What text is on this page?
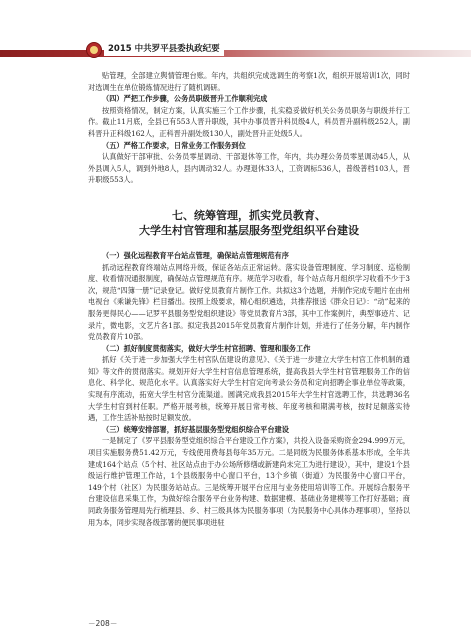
2015 中共罗平县委执政纪要

贴管理，全部建立舆情管理台账。年内，共组织完成选调生的考察1次，组织开展培训1次，同时对选调生在单位锻炼情况进行了随机调研。

（四）严把工作步骤，公务员职级晋升工作顺利完成

按照资格情况，制定方案，认真实施三个工作步骤，扎实稳妥做好机关公务员职务与职级并行工作。截止11月底，全县已有553人晋升职级，其中办事员晋升科员级4人，科员晋升副科级252人，副科晋升正科级162人，正科晋升副处级130人，副处晋升正处级5人。

（五）严格工作要求，日常业务工作服务到位

认真做好干部审批、公务员零星调动、干部退休等工作，年内，共办理公务员零星调动45人，从外县调入5人，调到外地8人，县内调动32人。办理退休33人，工资调标536人，普级普档103人，晋升职级553人。

七、统筹管理，抓实党员教育、
大学生村官管理和基层服务型党组织平台建设
（一）强化远程教育平台站点管理，确保站点管理规范有序

抓动远程教育终端站点网络升级，保证各站点正常运转。落实设备管理制度、学习制度、巡检制度、收看情况通报制度，确保站点管理规范有序。规范学习收看，每个站点每月组织学习收看不少于3次，规范“四簿一册”记录登记。做好党员教育片制作工作。共拟这3个选题，并制作完成专题片在由州电视台《乘谦先锋》栏目播出。按照上级要求，精心组织遴选，共推荐报送《胖众日记》：“动”起来的服务更得民心——记罗平县服务型党组织建设》等党员教育片3部，其中工作案例片，典型事迹片、记录片，微电影，文艺片各1部。拟定我县2015年党员教育片制作计划，并进行了任务分解，年内制作党员教育片10部。

（二）抓好制度贯彻落实，做好大学生村官招聘、管理和服务工作

抓好《关于进一步加强大学生村官队伍建设的意见》、《关于进一步建立大学生村官工作机制的通知》等文件的贯彻落实。规划开好大学生村官信息管理系统，提高我县大学生村官管理服务工作的信息化、科学化、规范化水平。认真落实好大学生村官定向考录公务员和定向招聘企事业单位等政策，实现有序流动，拓宽大学生村官分流渠道。圆满完成我县2015年大学生村官选聘工作，共选聘36名大学生村官到村任职。严格开展考核，统筹开展日常考核、年度考核和期满考核，按时足额落实待遇，工作生活补贴按时足额发放。

（三）统筹安排部署，抓好基层服务型党组织综合平台建设

一是制定了《罗平县服务型党组织综合平台建设工作方案》，共投入设备采购资金294.999万元，项目实施服务费51.42万元，专线使用费每县每年35万元。二是同级为民服务体系基本形成，全年共建成164个站点（5个村、社区站点由于办公场所修缮或新建尚未完工为进行建设），其中，建设1个县级运行维护管理工作站，1个县级服务中心窗口平台，13个乡镇（街道）为民服务中心窗口平台，149个村（社区）为民服务站站点。三是统筹开展平台应用与业务使用培训等工作。开展综合服务平台建设信息采集工作，为做好综合服务平台业务构建、数据建模、基础业务建模等工作打好基础；商同政务服务管理局先行梳理县、乡、村三级具体为民服务事项（为民服务中心具体办理事项），坚持以用为本，同步实现各级部署的便民事项进驻

－208－
